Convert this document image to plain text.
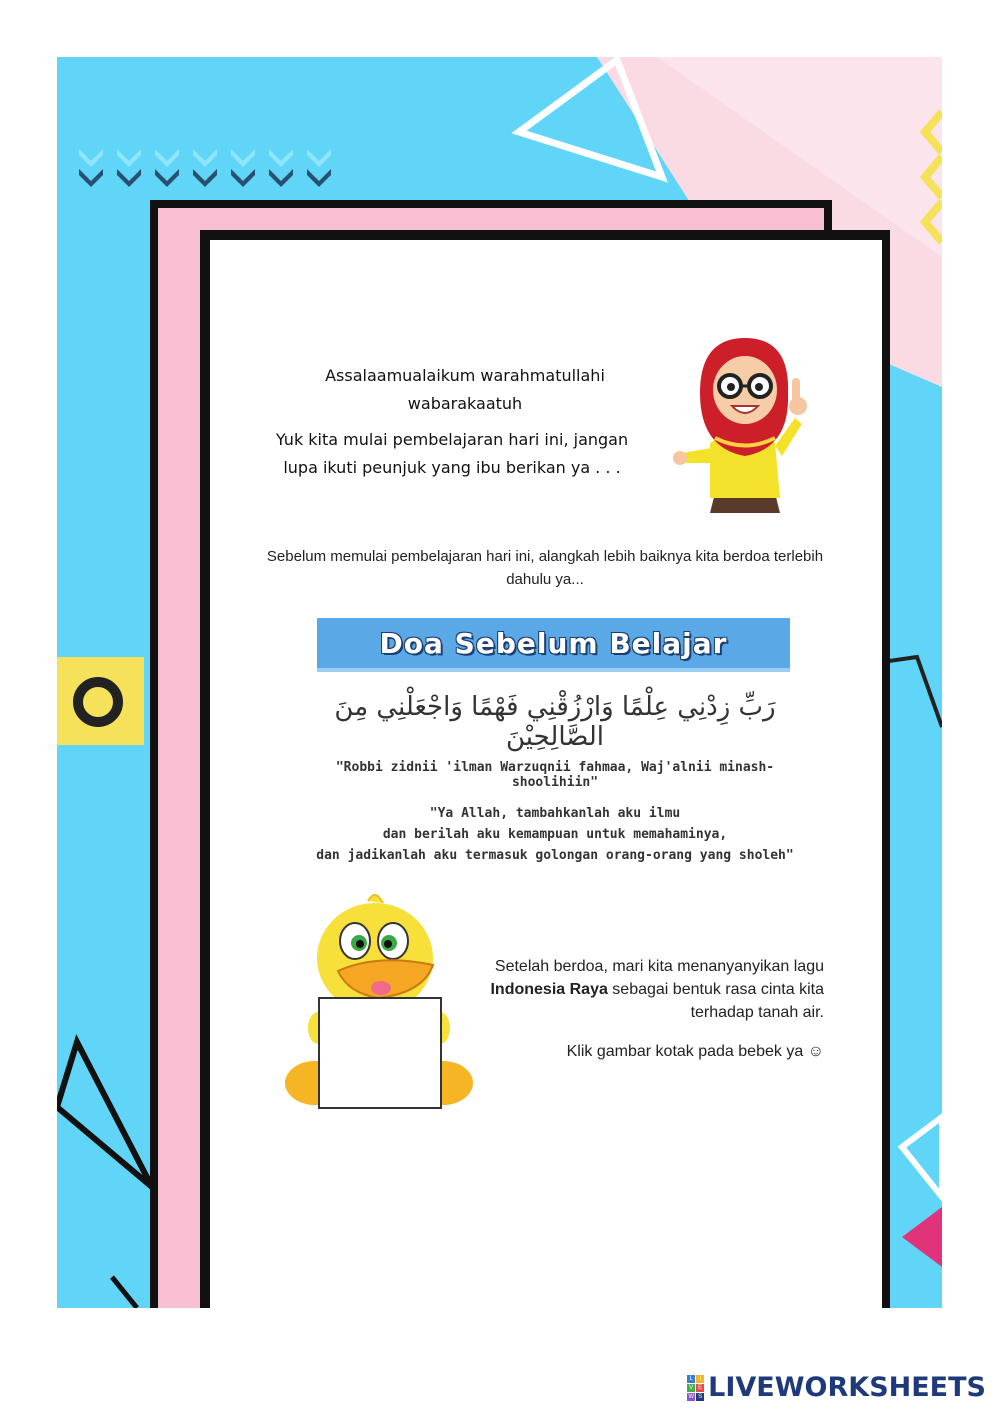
Assalaamualaikum warahmatullahi
wabarakaatuh
Yuk kita mulai pembelajaran hari ini, jangan
lupa ikuti peunjuk yang ibu berikan ya . . .
Sebelum memulai pembelajaran hari ini, alangkah lebih baiknya kita berdoa terlebih
dahulu ya...
Doa Sebelum Belajar
رَبِّ زِدْنِي عِلْمًا وَارْزُقْنِي فَهْمًا وَاجْعَلْنِي مِنَ الصَّالِحِيْنَ
"Robbi zidnii 'ilman Warzuqnii fahmaa, Waj'alnii minash-shoolihiin"
"Ya Allah, tambahkanlah aku ilmu
dan berilah aku kemampuan untuk memahaminya,
dan jadikanlah aku termasuk golongan orang-orang yang sholeh"
Setelah berdoa, mari kita menanyanyikan lagu
Indonesia Raya sebagai bentuk rasa cinta kita
terhadap tanah air.
Klik gambar kotak pada bebek ya ☺
L	I
V E
W S LIVEWORKSHEETS
